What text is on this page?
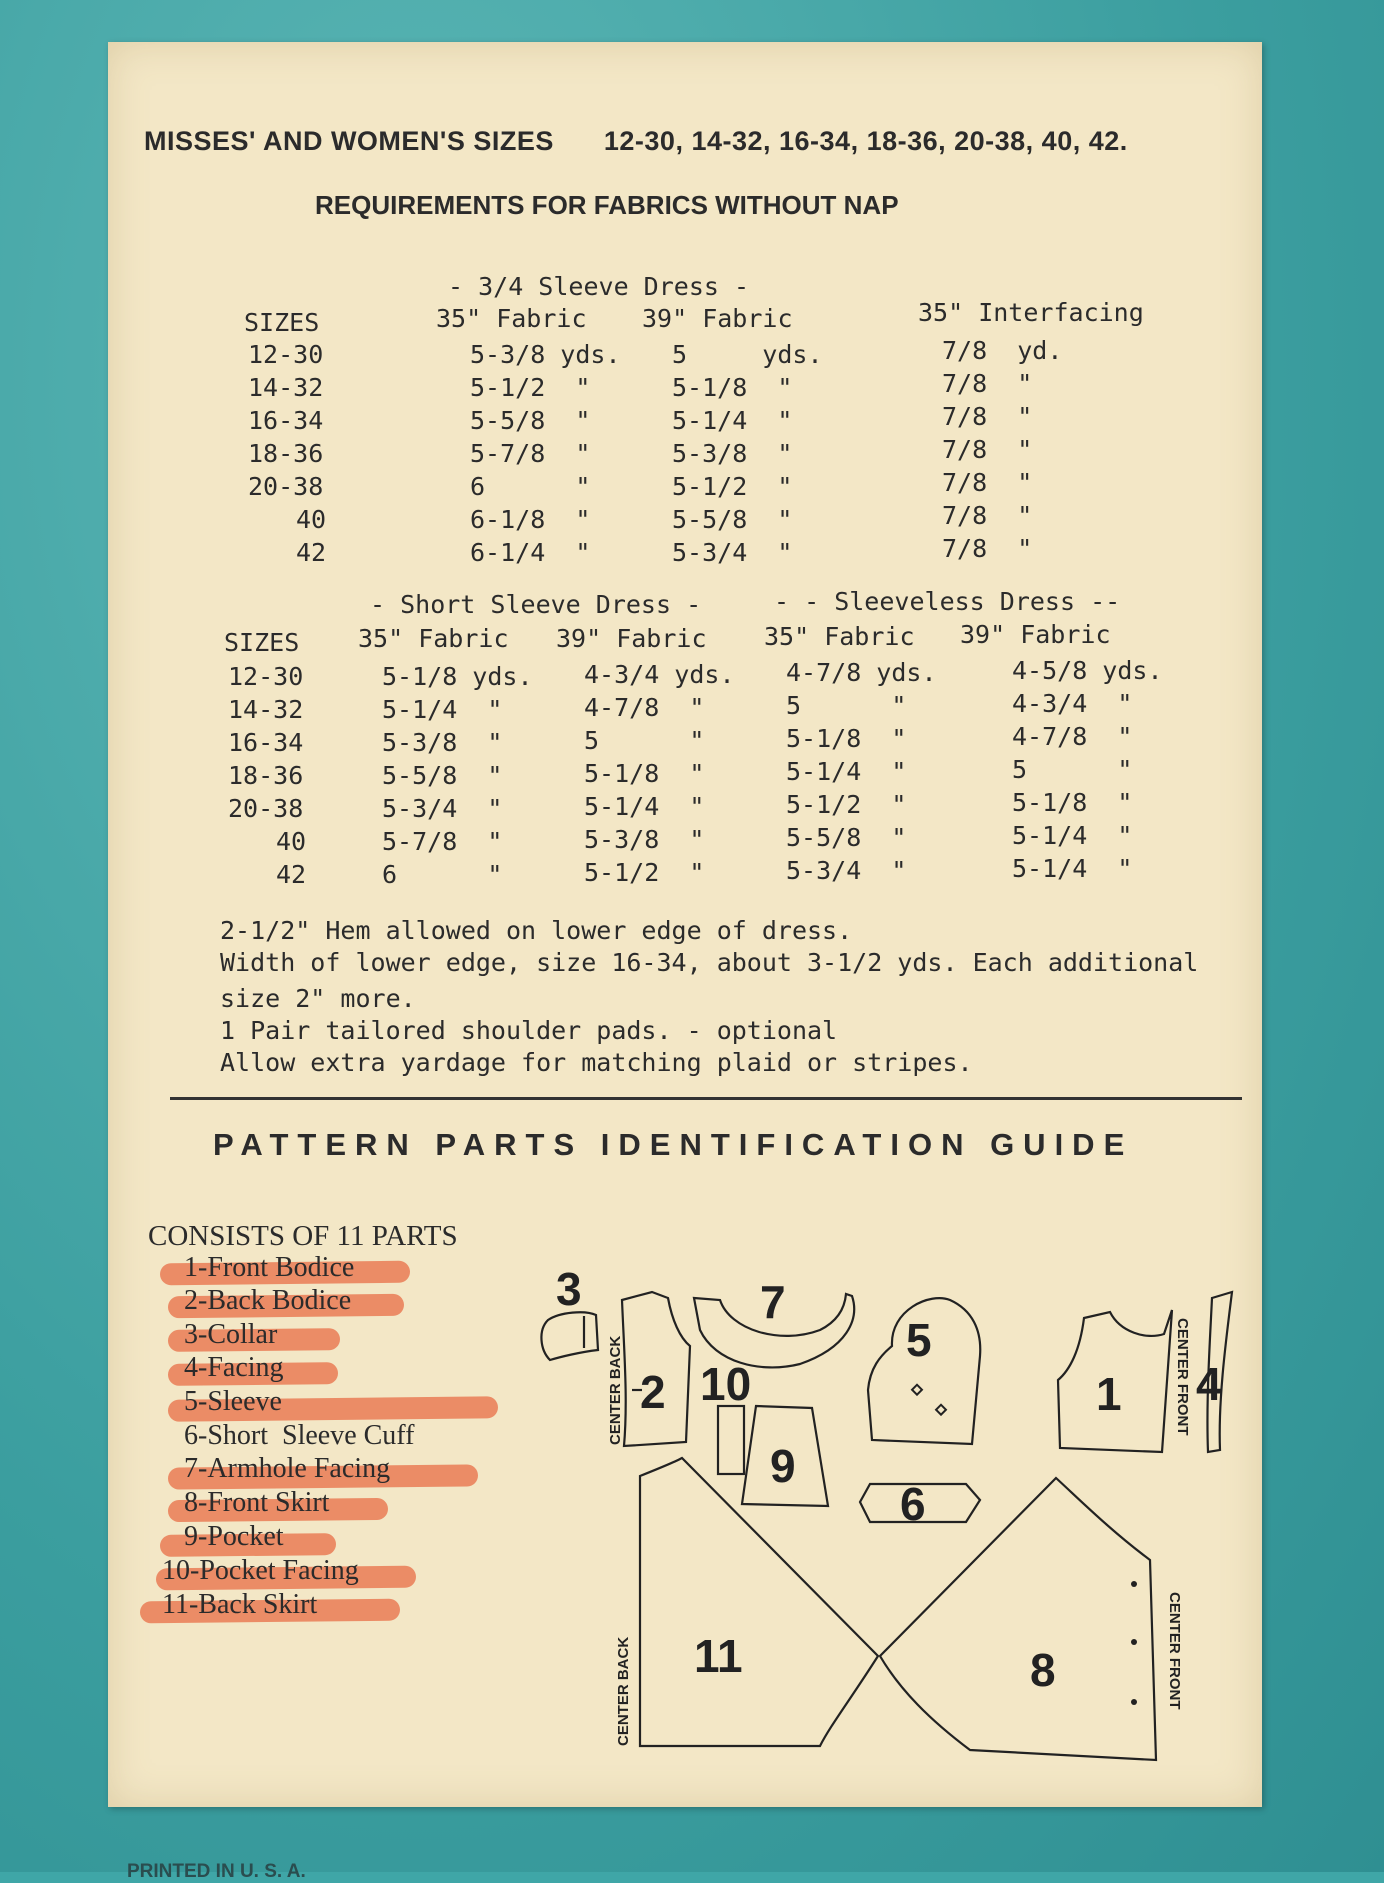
MISSES' AND WOMEN'S SIZES 12-30, 14-32, 16-34, 18-36, 20-38, 40, 42.
REQUIREMENTS FOR FABRICS WITHOUT NAP
- 3/4 Sleeve Dress -
SIZES	35" Fabric 39" Fabric	35" Interfacing
12-30	5-3/8 yds. 5     yds.	7/8  yd.
14-32	5-1/2  "	5-1/8  "	7/8  "
16-34	5-5/8  "	5-1/4  "	7/8  "
18-36	5-7/8  "	5-3/8  "	7/8  "
20-38	6      "	5-1/2  "	7/8  "
40	6-1/8  "	5-5/8  "	7/8  "
42	6-1/4  "	5-3/4  "	7/8  "
- Short Sleeve Dress -	- - Sleeveless Dress --
SIZES 35" Fabric 39" Fabric 35" Fabric 39" Fabric
12-30	5-1/8 yds. 4-3/4 yds. 4-7/8 yds.	4-5/8 yds.
14-32	5-1/4  "	4-7/8  "	5      "	4-3/4  "
16-34	5-3/8  "	5      "	5-1/8  "	4-7/8  "
18-36	5-5/8  "	5-1/8  "	5-1/4  "	5      "
20-38	5-3/4  "	5-1/4  "	5-1/2  "	5-1/8  "
40	5-7/8  "	5-3/8  "	5-5/8  "	5-1/4  "
42	6      "	5-1/2  "	5-3/4  "	5-1/4  "
2-1/2" Hem allowed on lower edge of dress.
Width of lower edge, size 16-34, about 3-1/2 yds. Each additional
size 2" more.
1 Pair tailored shoulder pads. - optional
Allow extra yardage for matching plaid or stripes.
PATTERN PARTS IDENTIFICATION GUIDE
CONSISTS OF 11 PARTS
1-Front Bodice
2-Back Bodice
3-Collar
4-Facing
5-Sleeve
6-Short  Sleeve Cuff
7-Armhole Facing
8-Front Skirt
9-Pocket
10-Pocket Facing
11-Back Skirt
3
2
CENTER BACK
7
10
9
5
6
1	CENTER FRONT 4
11
CENTER BACK	8	CENTER FRONT
PRINTED IN U. S. A.
